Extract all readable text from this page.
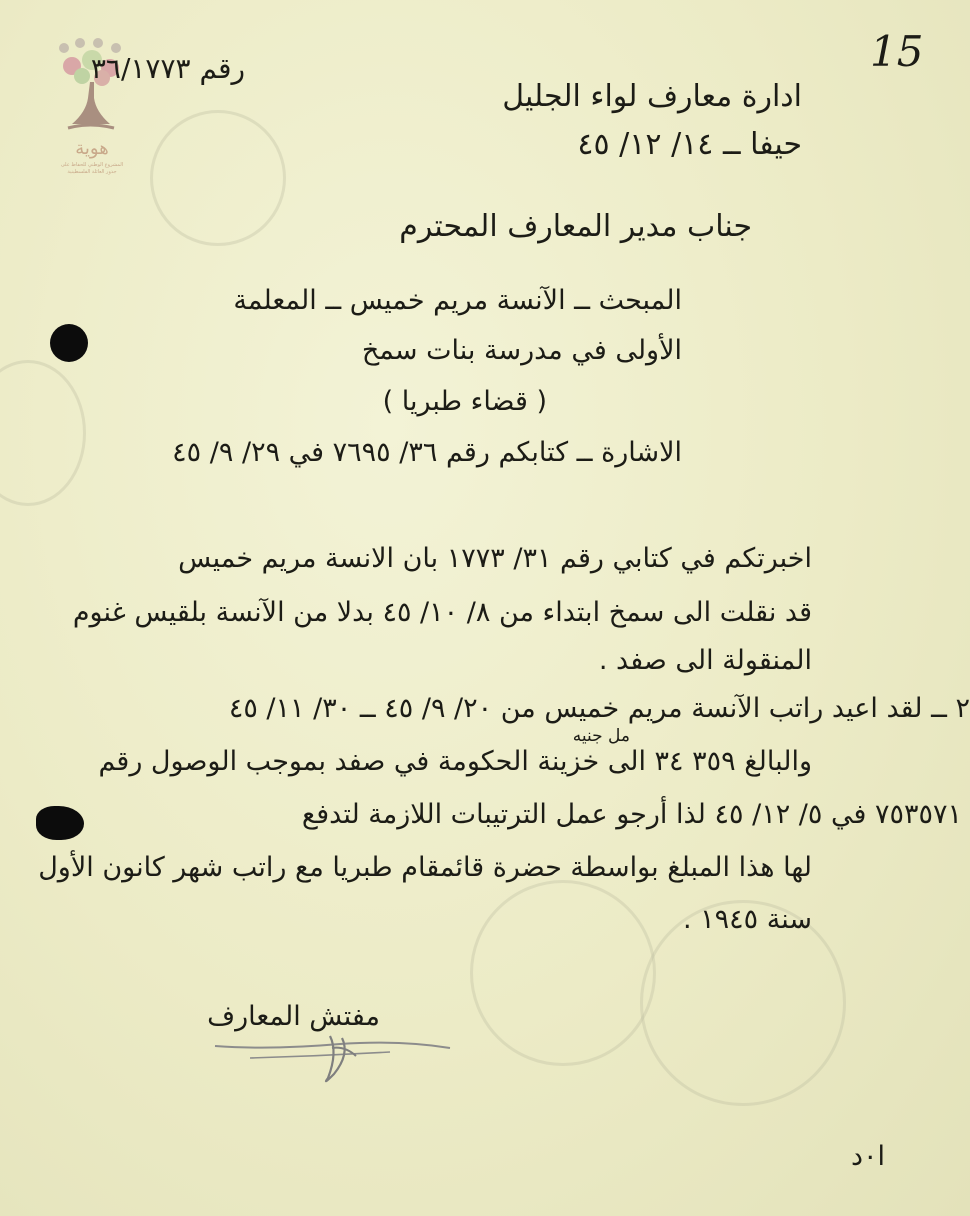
15
هوية
المشروع الوطني للحفاظ على
جذور العائلة الفلسطينية
رقم ٣٦/١٧٧٣
ادارة معارف لواء الجليل
حيفا ــ ١٤/ ١٢/ ٤٥
جناب مدير المعارف المحترم
المبحث ــ الآنسة مريم خميس ــ المعلمة
الأولى في مدرسة بنات سمخ
( قضاء طبريا )
الاشارة ــ كتابكم رقم ٣٦/ ٧٦٩٥ في ٢٩/ ٩/ ٤٥
اخبرتكم في كتابي رقم ٣١/ ١٧٧٣ بان الانسة مريم خميس
قد نقلت الى سمخ ابتداء من ٨/ ١٠/ ٤٥ بدلا من الآنسة بلقيس غنوم
المنقولة الى صفد .
٢ ــ لقد اعيد راتب الآنسة مريم خميس من ٢٠/ ٩/ ٤٥ ــ ٣٠/ ١١/ ٤٥
مل جنيه
والبالغ ٣٥٩ ٣٤ الى خزينة الحكومة في صفد بموجب الوصول رقم
٧٥٣٥٧١ في ٥/ ١٢/ ٤٥ لذا أرجو عمل الترتيبات اللازمة لتدفع
لها هذا المبلغ بواسطة حضرة قائمقام طبريا مع راتب شهر كانون الأول
سنة ١٩٤٥ .
مفتش المعارف
ا٠د
